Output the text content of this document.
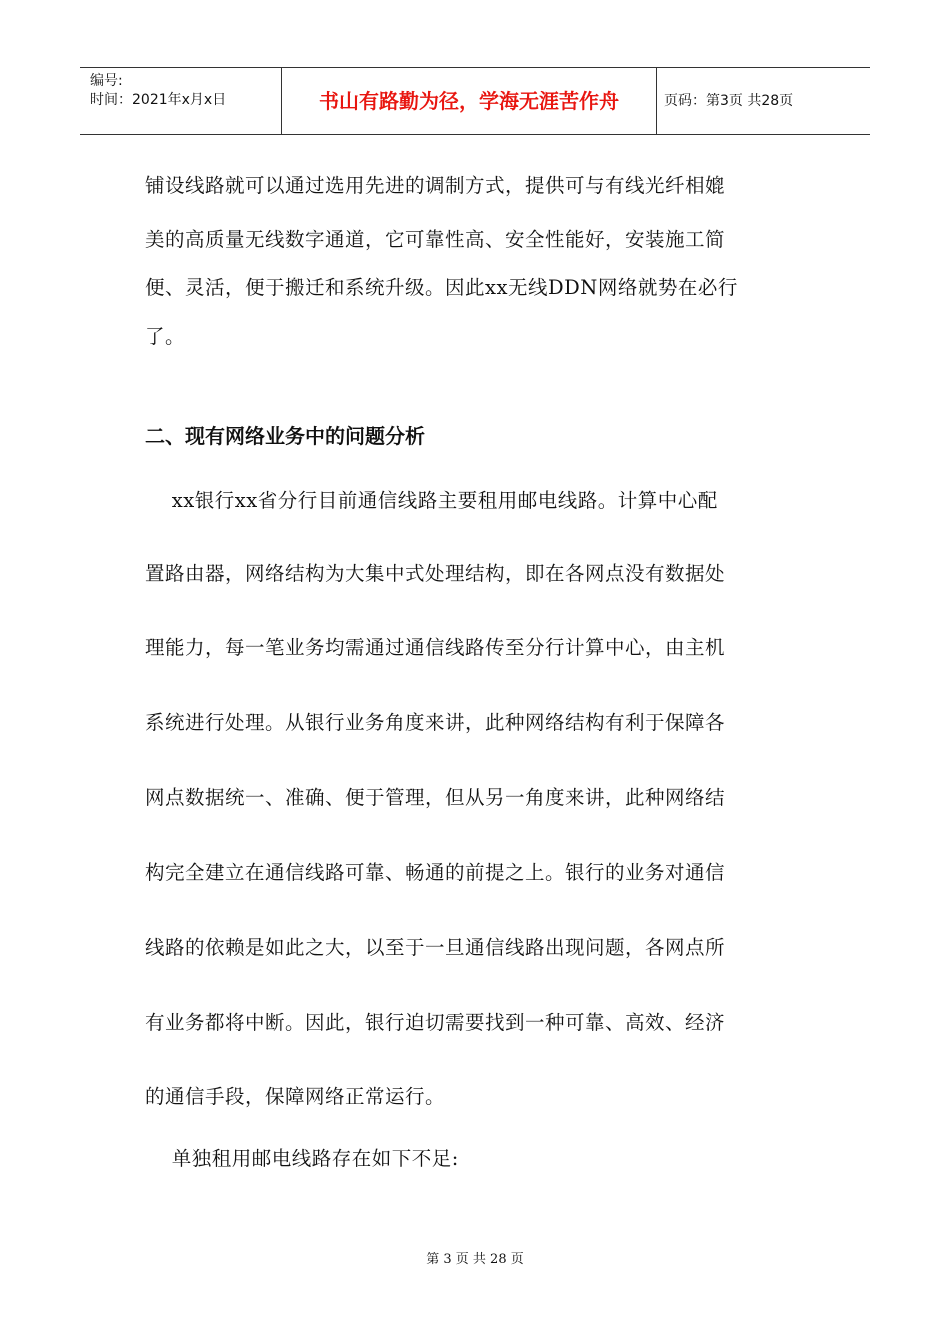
编号:
时间：2021年x月x日	书山有路勤为径，学海无涯苦作舟	页码：第3页 共28页
铺设线路就可以通过选用先进的调制方式，提供可与有线光纤相媲
美的高质量无线数字通道，它可靠性高、安全性能好，安装施工简
便、灵活，便于搬迁和系统升级。因此xx无线DDN网络就势在必行
了。
二、现有网络业务中的问题分析
xx银行xx省分行目前通信线路主要租用邮电线路。计算中心配
置路由器，网络结构为大集中式处理结构，即在各网点没有数据处
理能力，每一笔业务均需通过通信线路传至分行计算中心，由主机
系统进行处理。从银行业务角度来讲，此种网络结构有利于保障各
网点数据统一、准确、便于管理，但从另一角度来讲，此种网络结
构完全建立在通信线路可靠、畅通的前提之上。银行的业务对通信
线路的依赖是如此之大，以至于一旦通信线路出现问题，各网点所
有业务都将中断。因此，银行迫切需要找到一种可靠、高效、经济
的通信手段，保障网络正常运行。
单独租用邮电线路存在如下不足:
第 3 页 共 28 页
